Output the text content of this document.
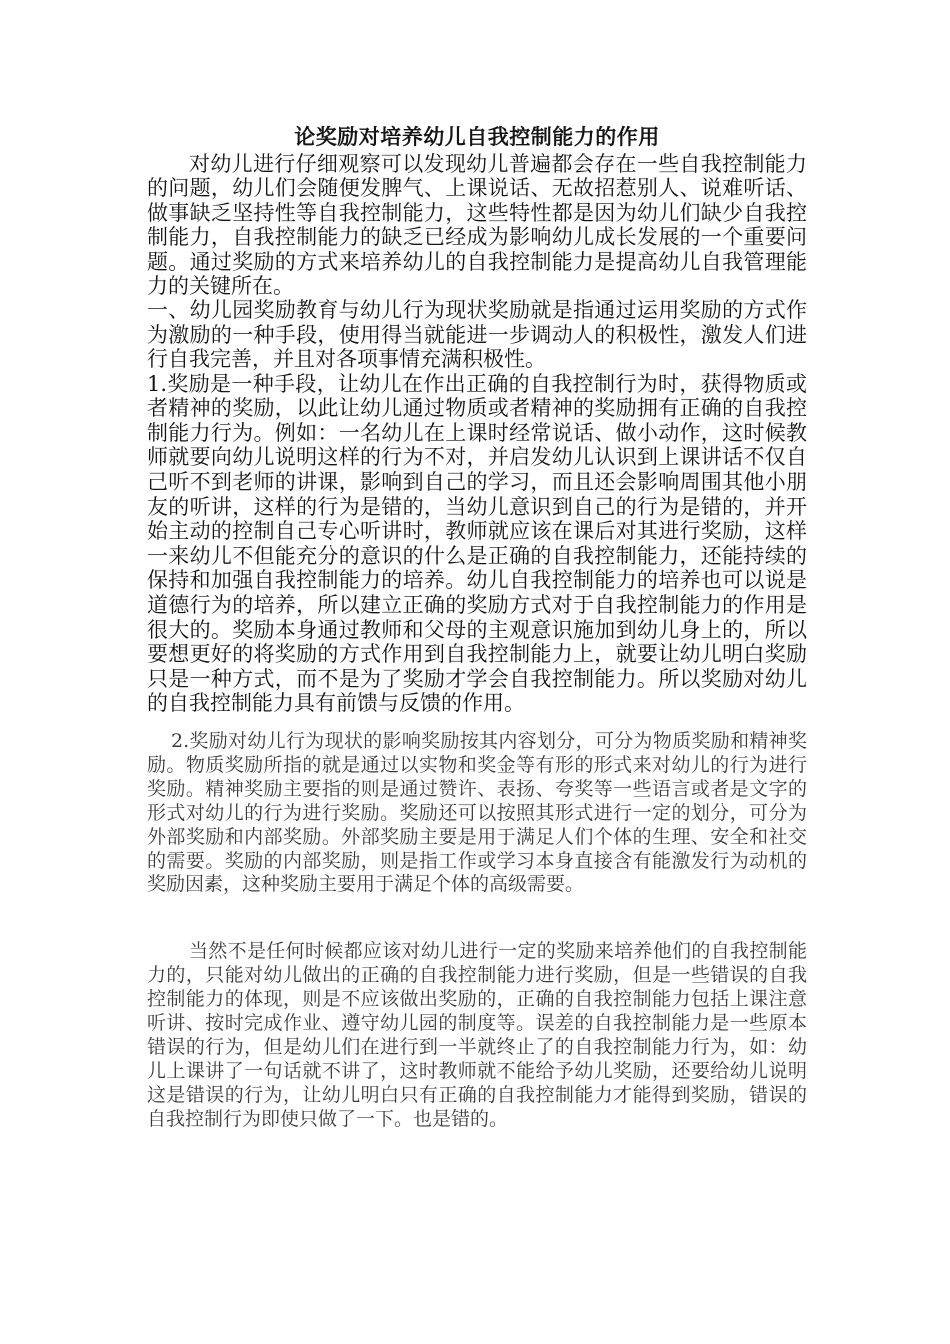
论奖励对培养幼儿自我控制能力的作用

对幼儿进行仔细观察可以发现幼儿普遍都会存在一些自我控制能力的问题，幼儿们会随便发脾气、上课说话、无故招惹别人、说难听话、做事缺乏坚持性等自我控制能力，这些特性都是因为幼儿们缺少自我控制能力，自我控制能力的缺乏已经成为影响幼儿成长发展的一个重要问题。通过奖励的方式来培养幼儿的自我控制能力是提高幼儿自我管理能力的关键所在。

一、幼儿园奖励教育与幼儿行为现状奖励就是指通过运用奖励的方式作为激励的一种手段，使用得当就能进一步调动人的积极性，激发人们进行自我完善，并且对各项事情充满积极性。

1.奖励是一种手段，让幼儿在作出正确的自我控制行为时，获得物质或者精神的奖励，以此让幼儿通过物质或者精神的奖励拥有正确的自我控制能力行为。例如：一名幼儿在上课时经常说话、做小动作，这时候教师就要向幼儿说明这样的行为不对，并启发幼儿认识到上课讲话不仅自己听不到老师的讲课，影响到自己的学习，而且还会影响周围其他小朋友的听讲，这样的行为是错的，当幼儿意识到自己的行为是错的，并开始主动的控制自己专心听讲时，教师就应该在课后对其进行奖励，这样一来幼儿不但能充分的意识的什么是正确的自我控制能力，还能持续的保持和加强自我控制能力的培养。幼儿自我控制能力的培养也可以说是道德行为的培养，所以建立正确的奖励方式对于自我控制能力的作用是很大的。奖励本身通过教师和父母的主观意识施加到幼儿身上的，所以要想更好的将奖励的方式作用到自我控制能力上，就要让幼儿明白奖励只是一种方式，而不是为了奖励才学会自我控制能力。所以奖励对幼儿的自我控制能力具有前馈与反馈的作用。

2.奖励对幼儿行为现状的影响奖励按其内容划分，可分为物质奖励和精神奖励。物质奖励所指的就是通过以实物和奖金等有形的形式来对幼儿的行为进行奖励。精神奖励主要指的则是通过赞许、表扬、夸奖等一些语言或者是文字的形式对幼儿的行为进行奖励。奖励还可以按照其形式进行一定的划分，可分为外部奖励和内部奖励。外部奖励主要是用于满足人们个体的生理、安全和社交的需要。奖励的内部奖励，则是指工作或学习本身直接含有能激发行为动机的奖励因素，这种奖励主要用于满足个体的高级需要。

当然不是任何时候都应该对幼儿进行一定的奖励来培养他们的自我控制能力的，只能对幼儿做出的正确的自我控制能力进行奖励，但是一些错误的自我控制能力的体现，则是不应该做出奖励的，正确的自我控制能力包括上课注意听讲、按时完成作业、遵守幼儿园的制度等。误差的自我控制能力是一些原本错误的行为，但是幼儿们在进行到一半就终止了的自我控制能力行为，如：幼儿上课讲了一句话就不讲了，这时教师就不能给予幼儿奖励，还要给幼儿说明这是错误的行为，让幼儿明白只有正确的自我控制能力才能得到奖励，错误的自我控制行为即使只做了一下。也是错的。
